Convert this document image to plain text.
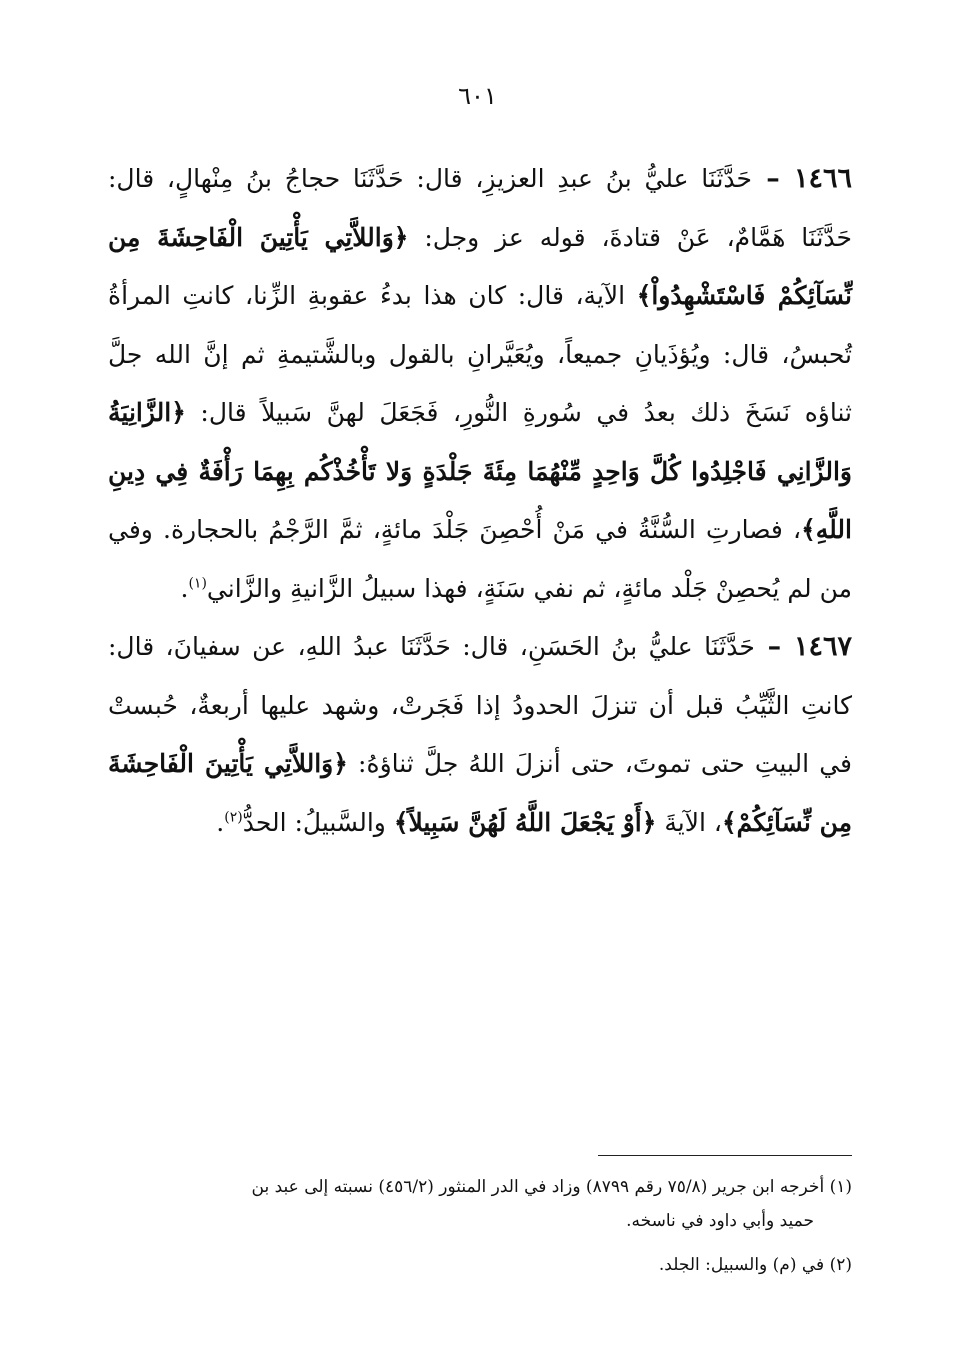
٦٠١

١٤٦٦ – حَدَّثَنَا عليُّ بنُ عبدِ العزيزِ، قال: حَدَّثَنَا حجاجُ بنُ مِنْهالٍ، قال: حَدَّثَنَا هَمَّامٌ، عَنْ قتادةَ، قوله عز وجل: ﴿وَاللاَّتِي يَأْتِينَ الْفَاحِشَةَ مِن نِّسَآئِكُمْ فَاسْتَشْهِدُواْ﴾ الآية، قال: كان هذا بدءُ عقوبةِ الزِّنا، كانتِ المرأةُ تُحبسُ، قال: ويُؤذَيانِ جميعاً، ويُعَيَّرانِ بالقول وبالشَّتيمةِ ثم إنَّ الله جلَّ ثناؤه نَسَخَ ذلك بعدُ في سُورةِ النُّورِ، فَجَعَلَ لهنَّ سَبيلاً قال: ﴿الزَّانِيَةُ وَالزَّانِي فَاجْلِدُوا كُلَّ وَاحِدٍ مِّنْهُمَا مِئَةَ جَلْدَةٍ وَلا تَأْخُذْكُم بِهِمَا رَأْفَةٌ فِي دِينِ اللَّهِ﴾، فصارتِ السُّنَّةُ في مَنْ أُحْصِنَ جَلْدَ مائةٍ، ثمَّ الرَّجْمُ بالحجارة. وفي من لم يُحصِنْ جَلْد مائةٍ، ثم نفي سَنَةٍ، فهذا سبيلُ الزَّانيةِ والزَّاني$^{(١)}$.

١٤٦٧ – حَدَّثَنَا عليُّ بنُ الحَسَنِ، قال: حَدَّثَنَا عبدُ اللهِ، عن سفيانَ، قال: كانتِ الثَّيِّبُ قبل أن تنزلَ الحدودُ إذا فَجَرتْ، وشهد عليها أربعةٌ، حُبستْ في البيتِ حتى تموتَ، حتى أنزلَ اللهُ جلَّ ثناؤهُ: ﴿وَاللاَّتِي يَأْتِينَ الْفَاحِشَةَ مِن نِّسَآئِكُمْ﴾، الآيةَ ﴿أَوْ يَجْعَلَ اللَّهُ لَهُنَّ سَبِيلاً﴾ والسَّبيلُ: الحدُّ$^{(٢)}$.

(١) أخرجه ابن جرير (٧٥/٨ رقم ٨٧٩٩) وزاد في الدر المنثور (٤٥٦/٢) نسبته إلى عبد بن
حميد وأبي داود في ناسخه.

(٢) في (م) والسبيل: الجلد.
